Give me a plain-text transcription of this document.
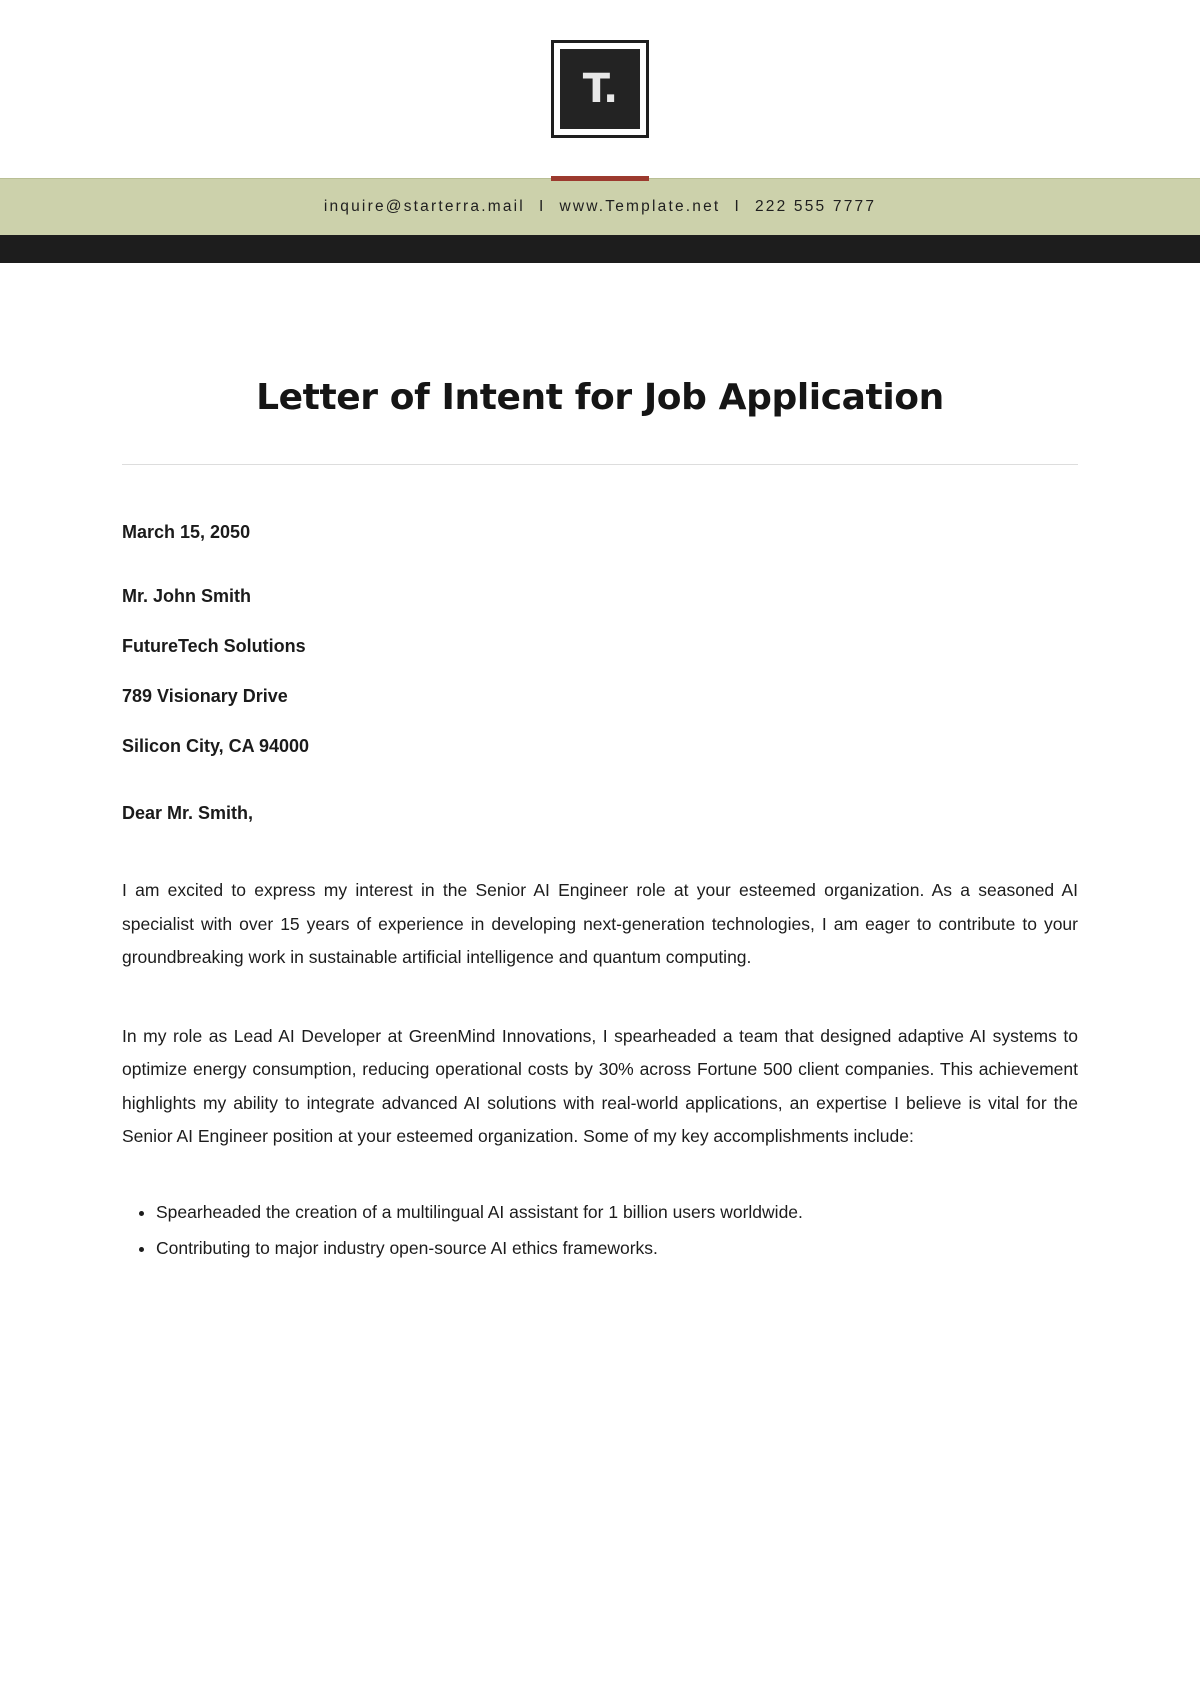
T.
inquire@starterra.mail I www.Template.net I 222 555 7777
Letter of Intent for Job Application
March 15, 2050

Mr. John Smith

FutureTech Solutions

789 Visionary Drive

Silicon City, CA 94000

Dear Mr. Smith,

I am excited to express my interest in the Senior AI Engineer role at your esteemed organization. As a seasoned AI specialist with over 15 years of experience in developing next-generation technologies, I am eager to contribute to your groundbreaking work in sustainable artificial intelligence and quantum computing.

In my role as Lead AI Developer at GreenMind Innovations, I spearheaded a team that designed adaptive AI systems to optimize energy consumption, reducing operational costs by 30% across Fortune 500 client companies. This achievement highlights my ability to integrate advanced AI solutions with real-world applications, an expertise I believe is vital for the Senior AI Engineer position at your esteemed organization. Some of my key accomplishments include:

• Spearheaded the creation of a multilingual AI assistant for 1 billion users worldwide.
• Contributing to major industry open-source AI ethics frameworks.
